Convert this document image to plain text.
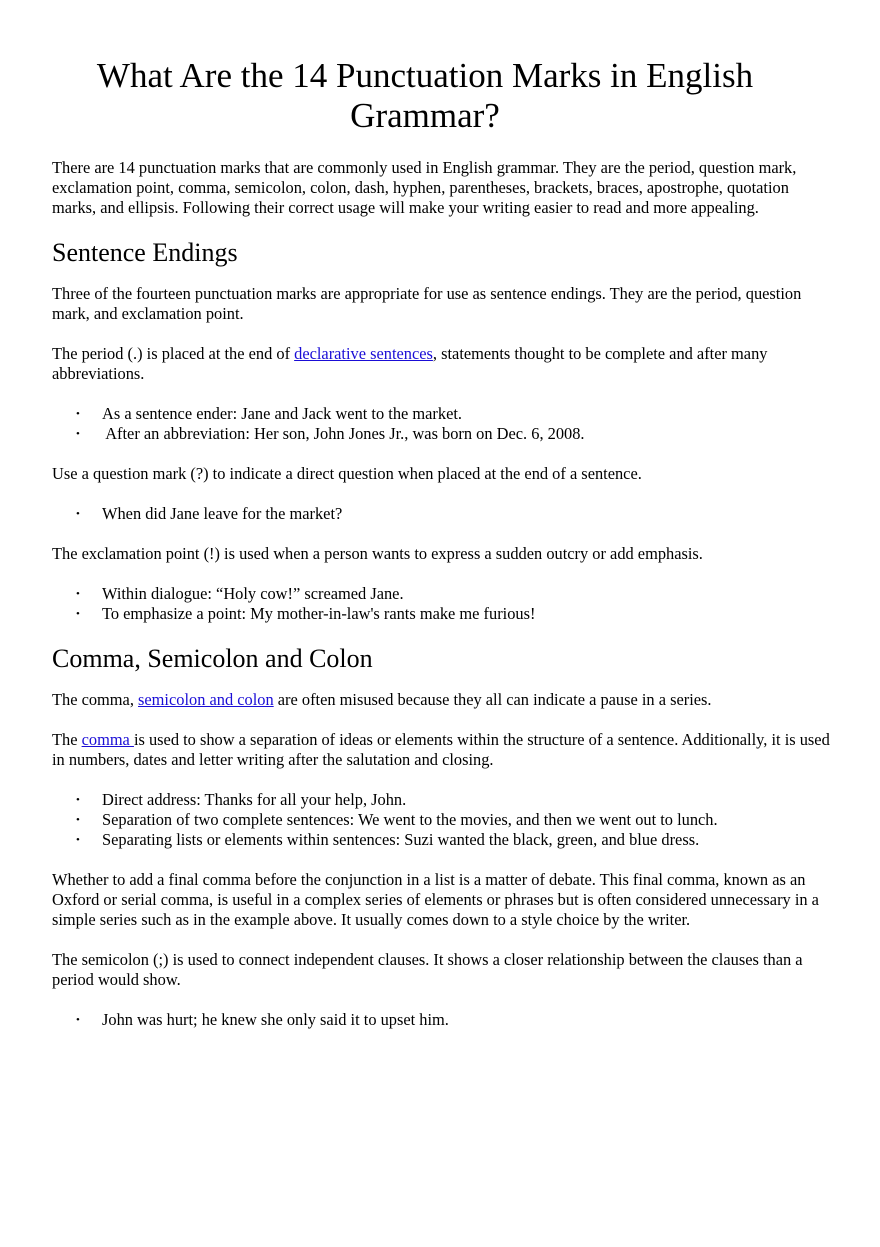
What Are the 14 Punctuation Marks in English Grammar?

There are 14 punctuation marks that are commonly used in English grammar. They are the period, question mark, exclamation point, comma, semicolon, colon, dash, hyphen, parentheses, brackets, braces, apostrophe, quotation marks, and ellipsis. Following their correct usage will make your writing easier to read and more appealing.

Sentence Endings

Three of the fourteen punctuation marks are appropriate for use as sentence endings. They are the period, question mark, and exclamation point.

The period (.) is placed at the end of declarative sentences, statements thought to be complete and after many abbreviations.

• As a sentence ender: Jane and Jack went to the market.
• After an abbreviation: Her son, John Jones Jr., was born on Dec. 6, 2008.

Use a question mark (?) to indicate a direct question when placed at the end of a sentence.

• When did Jane leave for the market?

The exclamation point (!) is used when a person wants to express a sudden outcry or add emphasis.

• Within dialogue: “Holy cow!” screamed Jane.
• To emphasize a point: My mother-in-law's rants make me furious!
Comma, Semicolon and Colon

The comma, semicolon and colon are often misused because they all can indicate a pause in a series.

The comma is used to show a separation of ideas or elements within the structure of a sentence. Additionally, it is used in numbers, dates and letter writing after the salutation and closing.

• Direct address: Thanks for all your help, John.
• Separation of two complete sentences: We went to the movies, and then we went out to lunch.
• Separating lists or elements within sentences: Suzi wanted the black, green, and blue dress.

Whether to add a final comma before the conjunction in a list is a matter of debate. This final comma, known as an Oxford or serial comma, is useful in a complex series of elements or phrases but is often considered unnecessary in a simple series such as in the example above. It usually comes down to a style choice by the writer.

The semicolon (;) is used to connect independent clauses. It shows a closer relationship between the clauses than a period would show.

• John was hurt; he knew she only said it to upset him.
